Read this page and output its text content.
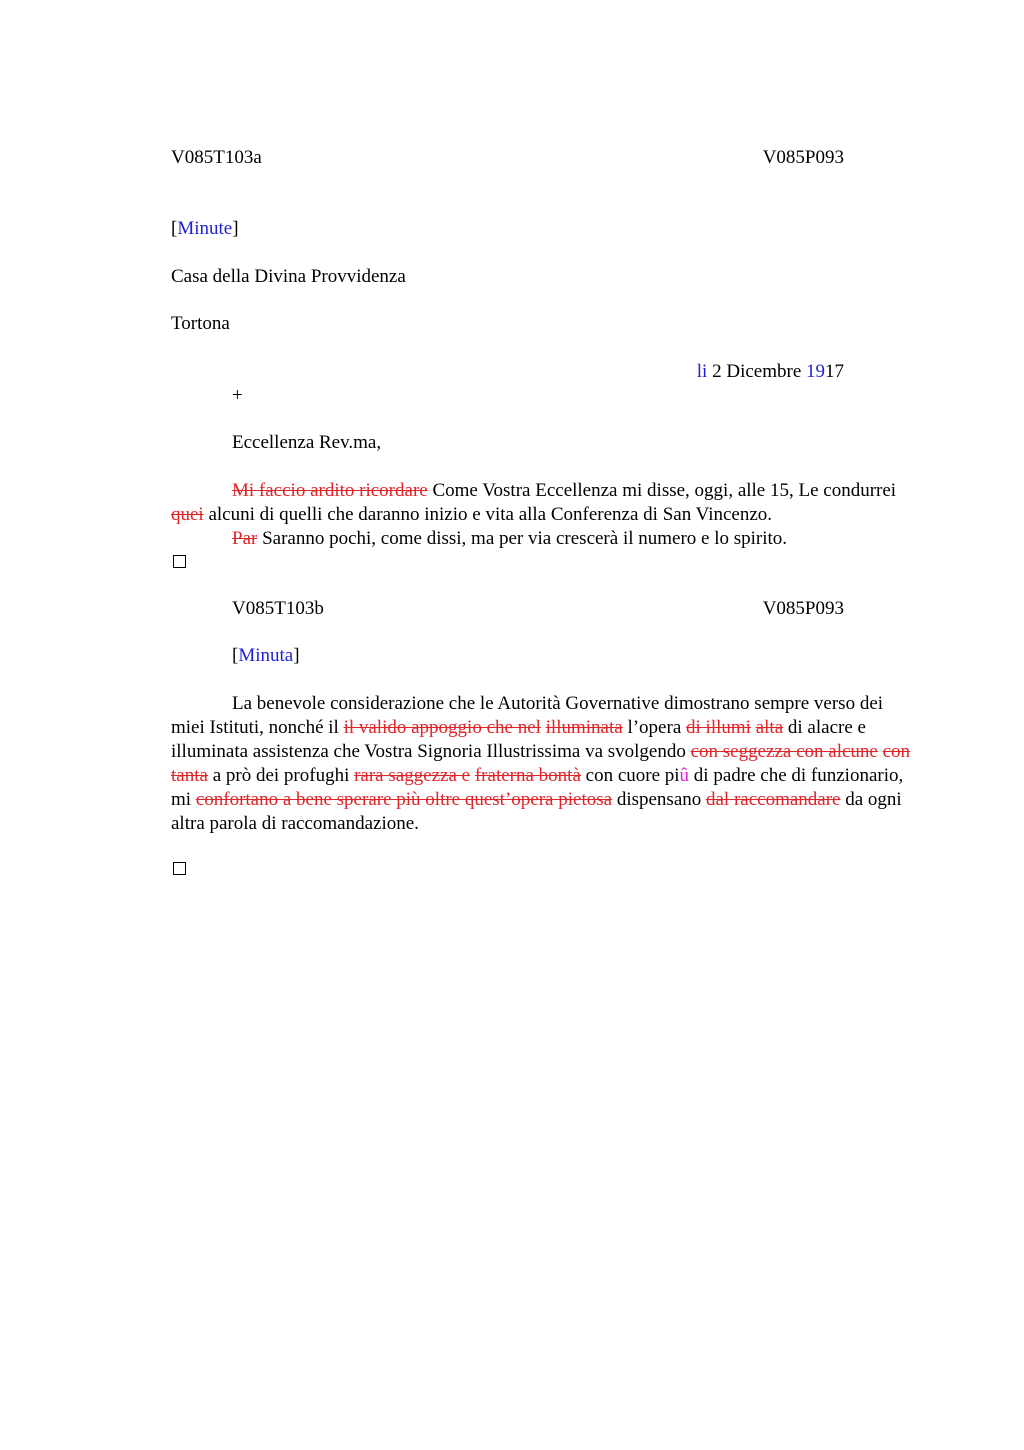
V085T103a	V085P093
[Minute]
Casa della Divina Provvidenza
Tortona
li 2 Dicembre 1917
+
Eccellenza Rev.ma,
Mi faccio ardito ricordare Come Vostra Eccellenza mi disse, oggi, alle 15, Le condurrei quei alcuni di quelli che daranno inizio e vita alla Conferenza di San Vincenzo.
Par Saranno pochi, come dissi, ma per via crescerà il numero e lo spirito.
V085T103b	V085P093
[Minuta]
La benevole considerazione che le Autorità Governative dimostrano sempre verso dei miei Istituti, nonché il il valido appoggio che nel illuminata l’opera di illumi alta di alacre e illuminata assistenza che Vostra Signoria Illustrissima va svolgendo con seggezza con alcune con tanta a prò dei profughi rara saggezza e fraterna bontà con cuore piû di padre che di funzionario, mi confortano a bene sperare più oltre quest’opera pietosa dispensano dal raccomandare da ogni altra parola di raccomandazione.
